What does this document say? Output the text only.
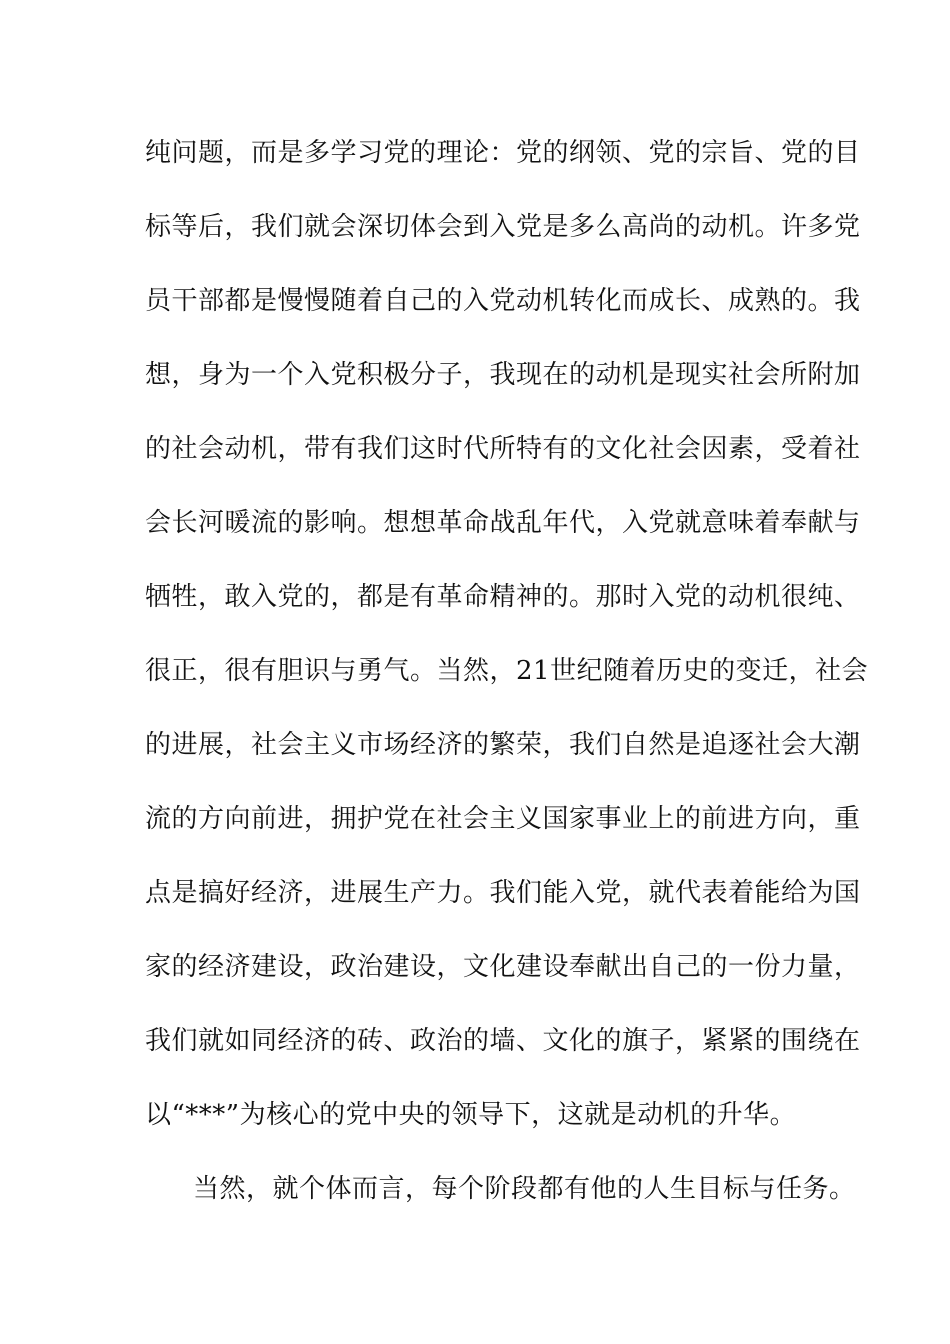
纯问题，而是多学习党的理论：党的纲领、党的宗旨、党的目
标等后，我们就会深切体会到入党是多么高尚的动机。许多党
员干部都是慢慢随着自己的入党动机转化而成长、成熟的。我
想，身为一个入党积极分子，我现在的动机是现实社会所附加
的社会动机，带有我们这时代所特有的文化社会因素，受着社
会长河暖流的影响。想想革命战乱年代，入党就意味着奉献与
牺牲，敢入党的，都是有革命精神的。那时入党的动机很纯、
很正，很有胆识与勇气。当然，21世纪随着历史的变迁，社会
的进展，社会主义市场经济的繁荣，我们自然是追逐社会大潮
流的方向前进，拥护党在社会主义国家事业上的前进方向，重
点是搞好经济，进展生产力。我们能入党，就代表着能给为国
家的经济建设，政治建设，文化建设奉献出自己的一份力量，
我们就如同经济的砖、政治的墙、文化的旗子，紧紧的围绕在
以“***”为核心的党中央的领导下，这就是动机的升华。
当然，就个体而言，每个阶段都有他的人生目标与任务。
